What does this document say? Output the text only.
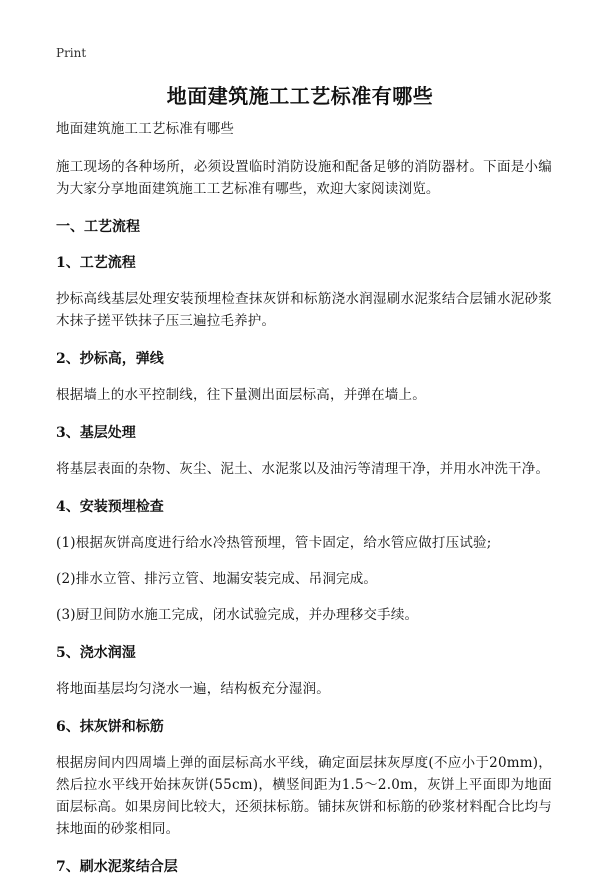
Print
地面建筑施工工艺标准有哪些

地面建筑施工工艺标准有哪些

施工现场的各种场所，必须设置临时消防设施和配备足够的消防器材。下面是小编为大家分享地面建筑施工工艺标准有哪些，欢迎大家阅读浏览。

一、工艺流程
1、工艺流程

抄标高线基层处理安装预埋检查抹灰饼和标筋浇水润湿刷水泥浆结合层铺水泥砂浆木抹子搓平铁抹子压三遍拉毛养护。

2、抄标高，弹线

根据墙上的水平控制线，往下量测出面层标高，并弹在墙上。

3、基层处理

将基层表面的杂物、灰尘、泥土、水泥浆以及油污等清理干净，并用水冲洗干净。

4、安装预埋检查

(1)根据灰饼高度进行给水冷热管预埋，管卡固定，给水管应做打压试验;

(2)排水立管、排污立管、地漏安装完成、吊洞完成。

(3)厨卫间防水施工完成，闭水试验完成，并办理移交手续。

5、浇水润湿

将地面基层均匀浇水一遍，结构板充分湿润。

6、抹灰饼和标筋

根据房间内四周墙上弹的面层标高水平线，确定面层抹灰厚度(不应小于20mm)，然后拉水平线开始抹灰饼(55cm)，横竖间距为1.5～2.0m，灰饼上平面即为地面面层标高。如果房间比较大，还须抹标筋。铺抹灰饼和标筋的砂浆材料配合比均与抹地面的砂浆相同。

7、刷水泥浆结合层
